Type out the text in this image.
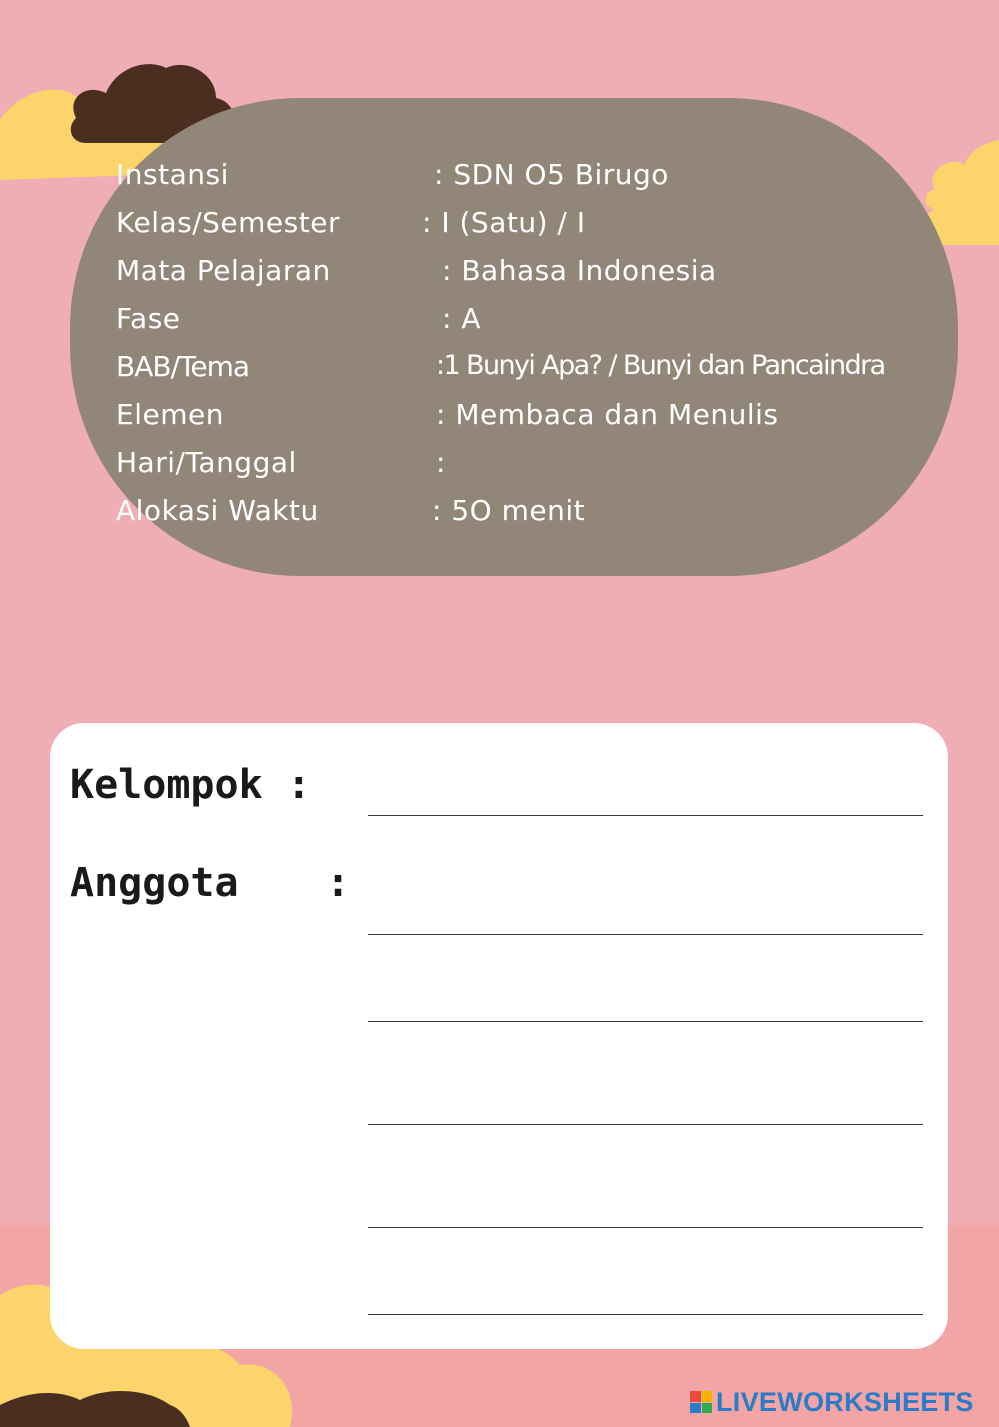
Instansi	: SDN O5 Birugo
Kelas/Semester	: I (Satu) / I
Mata Pelajaran	: Bahasa Indonesia
Fase	: A
BAB/Tema	:1 Bunyi Apa? / Bunyi dan Pancaindra
Elemen	: Membaca dan Menulis
Hari/Tanggal	:
Alokasi Waktu	: 5O menit
Kelompok :
Anggota :
LIVEWORKSHEETS
